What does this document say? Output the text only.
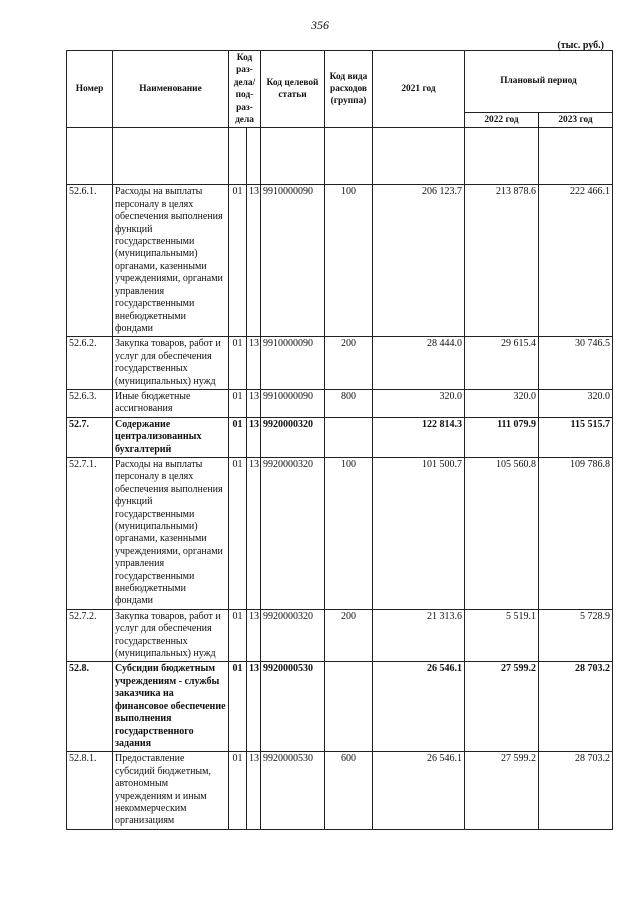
356
(тыс. руб.)
Номер	Наименование	Код раз-дела/ под-раз-дела		Код целевой статьи	Код вида расходов (группа)	2021 год	Плановый период	
							2022 год	2023 год

52.6.1.	Расходы на выплаты персоналу в целях обеспечения выполнения функций государственными (муниципальными) органами, казенными учреждениями, органами управления государственными внебюджетными фондами	01	13	9910000090	100	206 123.7	213 878.6	222 466.1
52.6.2.	Закупка товаров, работ и услуг для обеспечения государственных (муниципальных) нужд	01	13	9910000090	200	28 444.0	29 615.4	30 746.5
52.6.3.	Иные бюджетные ассигнования	01	13	9910000090	800	320.0	320.0	320.0
52.7.	Содержание централизованных бухгалтерий	01	13	9920000320		122 814.3	111 079.9	115 515.7
52.7.1.	Расходы на выплаты персоналу в целях обеспечения выполнения функций государственными (муниципальными) органами, казенными учреждениями, органами управления государственными внебюджетными фондами	01	13	9920000320	100	101 500.7	105 560.8	109 786.8
52.7.2.	Закупка товаров, работ и услуг для обеспечения государственных (муниципальных) нужд	01	13	9920000320	200	21 313.6	5 519.1	5 728.9
52.8.	Субсидии бюджетным учреждениям - службы заказчика на финансовое обеспечение выполнения государственного задания	01	13	9920000530		26 546.1	27 599.2	28 703.2
52.8.1.	Предоставление субсидий бюджетным, автономным учреждениям и иным некоммерческим организациям	01	13	9920000530	600	26 546.1	27 599.2	28 703.2
